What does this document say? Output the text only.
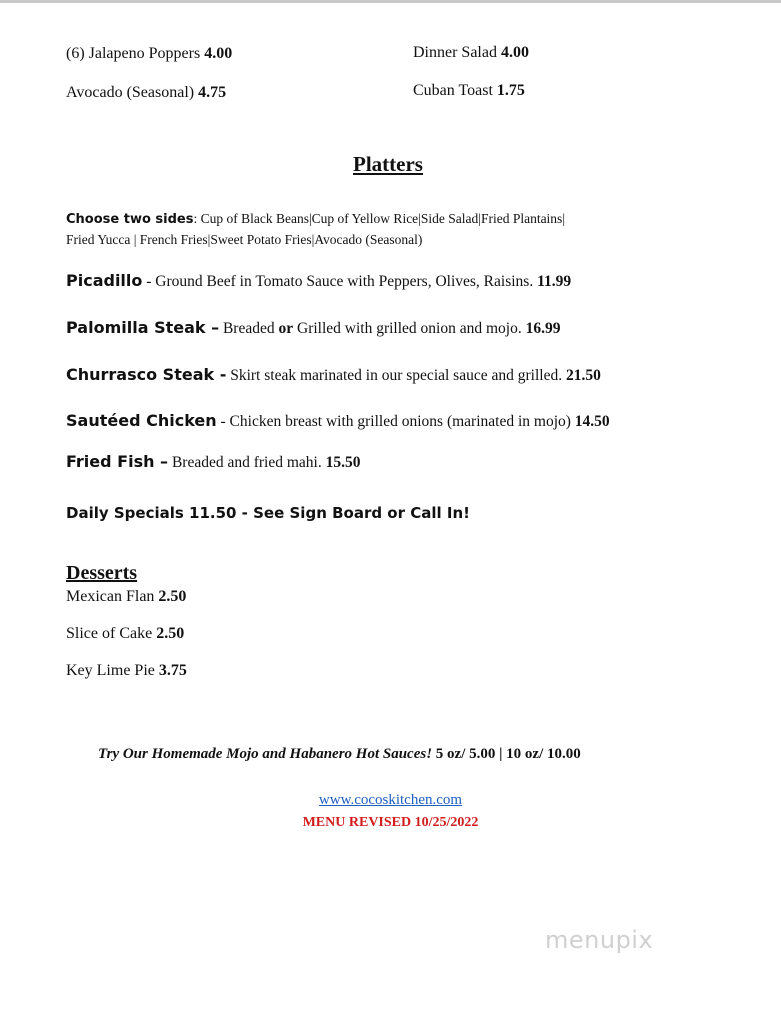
(6) Jalapeno Poppers 4.00
Avocado (Seasonal) 4.75
Dinner Salad 4.00
Cuban Toast 1.75
Platters
Choose two sides: Cup of Black Beans|Cup of Yellow Rice|Side Salad|Fried Plantains|
Fried Yucca | French Fries|Sweet Potato Fries|Avocado (Seasonal)
Picadillo - Ground Beef in Tomato Sauce with Peppers, Olives, Raisins. 11.99
Palomilla Steak – Breaded or Grilled with grilled onion and mojo. 16.99
Churrasco Steak - Skirt steak marinated in our special sauce and grilled. 21.50
Sautéed Chicken - Chicken breast with grilled onions (marinated in mojo) 14.50
Fried Fish – Breaded and fried mahi. 15.50
Daily Specials 11.50 - See Sign Board or Call In!
Desserts
Mexican Flan 2.50
Slice of Cake 2.50
Key Lime Pie 3.75
Try Our Homemade Mojo and Habanero Hot Sauces! 5 oz/ 5.00 | 10 oz/ 10.00
www.cocoskitchen.com
MENU REVISED 10/25/2022
menupix
